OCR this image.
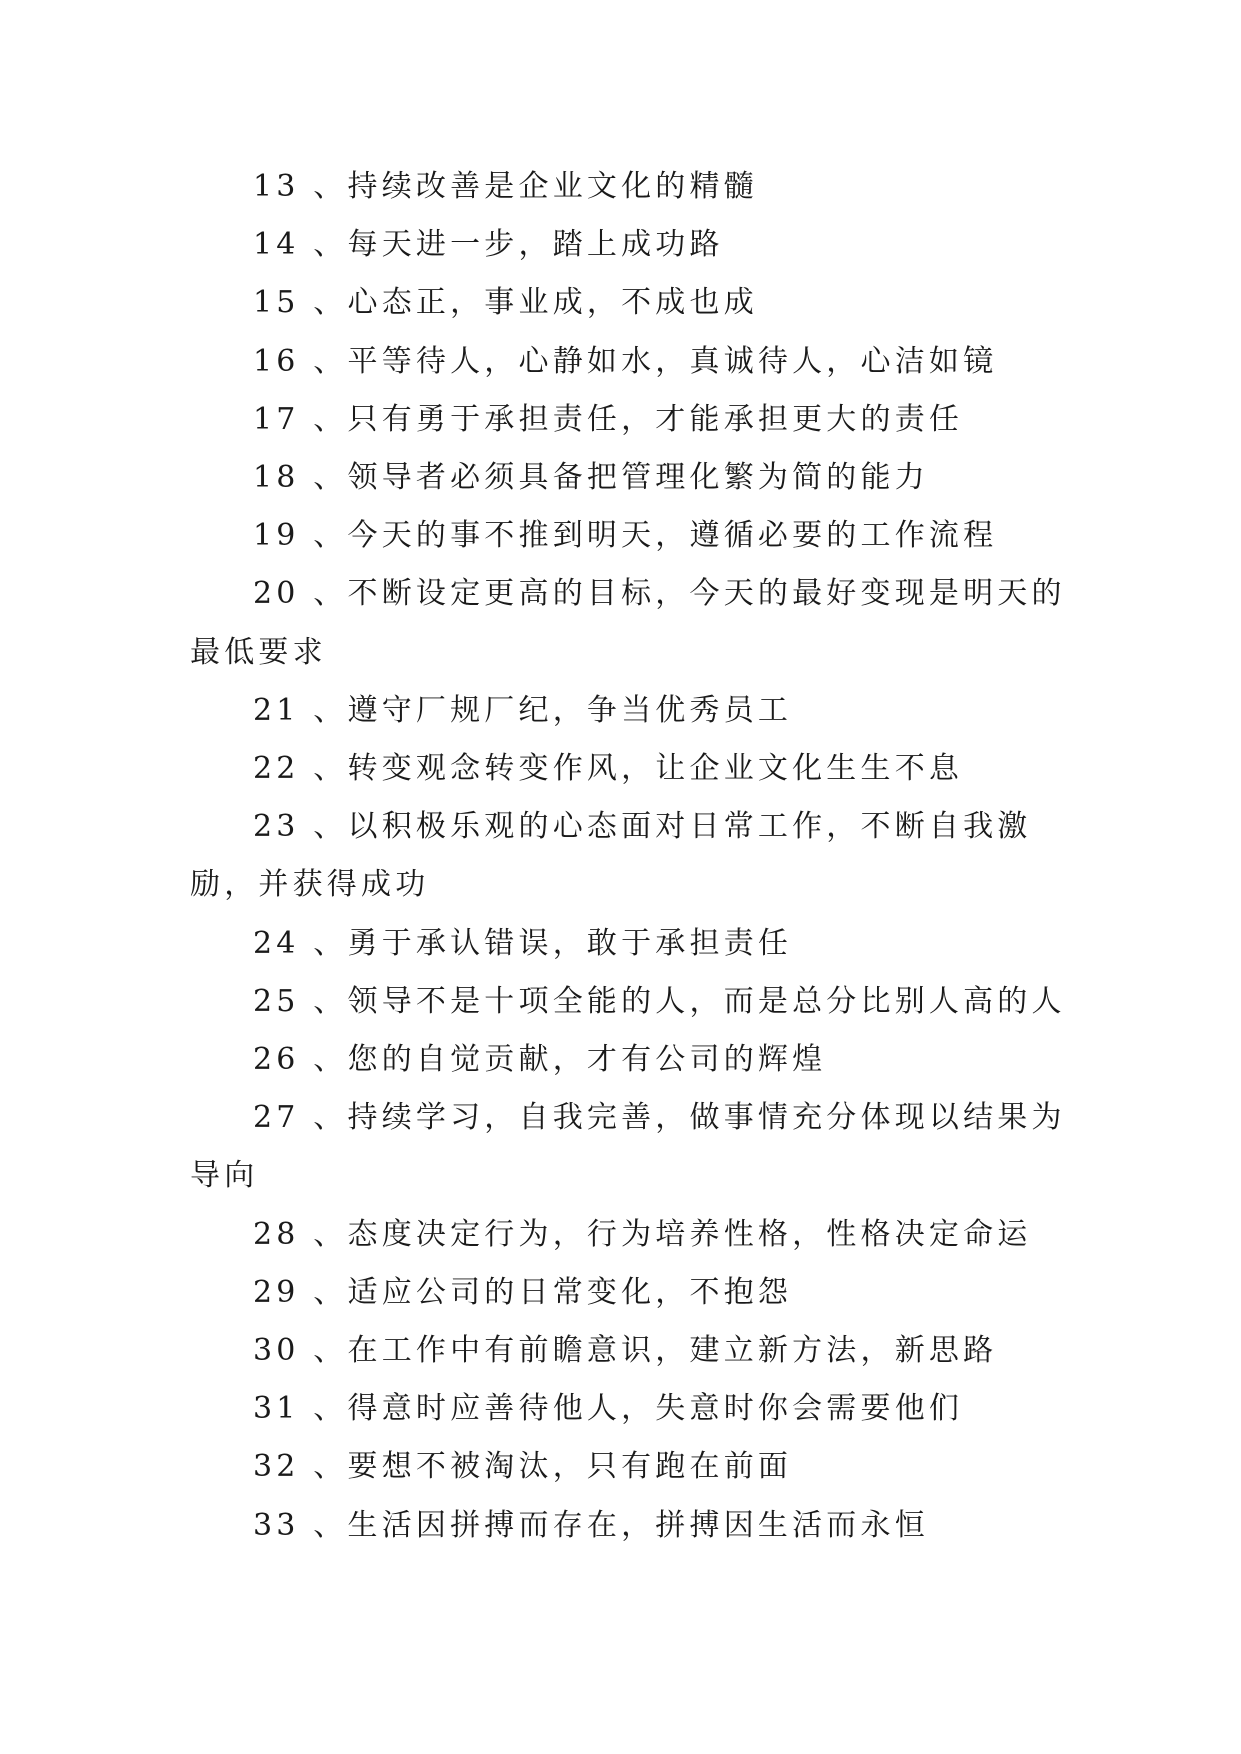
13 、持续改善是企业文化的精髓

14 、每天进一步，踏上成功路

15 、心态正，事业成，不成也成

16 、平等待人，心静如水，真诚待人，心洁如镜

17 、只有勇于承担责任，才能承担更大的责任

18 、领导者必须具备把管理化繁为简的能力

19 、今天的事不推到明天，遵循必要的工作流程

20 、不断设定更高的目标，今天的最好变现是明天的最低要求

21 、遵守厂规厂纪，争当优秀员工

22 、转变观念转变作风，让企业文化生生不息

23 、以积极乐观的心态面对日常工作，不断自我激励，并获得成功

24 、勇于承认错误，敢于承担责任

25 、领导不是十项全能的人，而是总分比别人高的人

26 、您的自觉贡献，才有公司的辉煌

27 、持续学习，自我完善，做事情充分体现以结果为导向

28 、态度决定行为，行为培养性格，性格决定命运

29 、适应公司的日常变化，不抱怨

30 、在工作中有前瞻意识，建立新方法，新思路

31 、得意时应善待他人，失意时你会需要他们

32 、要想不被淘汰，只有跑在前面

33 、生活因拼搏而存在，拼搏因生活而永恒
